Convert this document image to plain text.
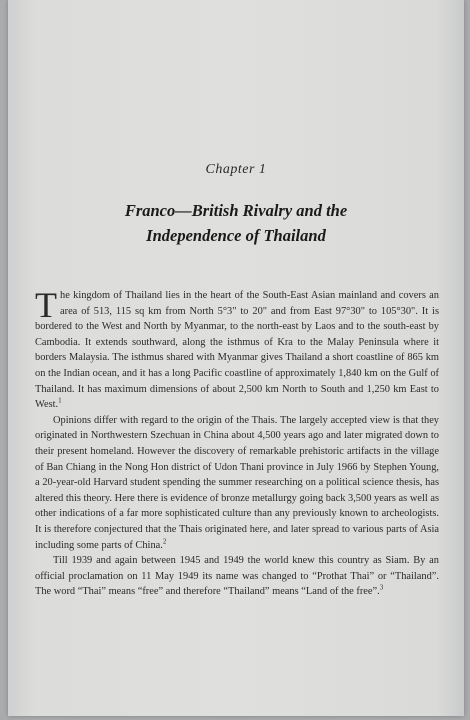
Chapter 1
Franco—British Rivalry and the
Independence of Thailand

The kingdom of Thailand lies in the heart of the South-East Asian mainland and covers an area of 513, 115 sq km from North 5°3" to 20" and from East 97°30" to 105°30". It is bordered to the West and North by Myanmar, to the north-east by Laos and to the south-east by Cambodia. It extends southward, along the isthmus of Kra to the Malay Peninsula where it borders Malaysia. The isthmus shared with Myanmar gives Thailand a short coastline of 865 km on the Indian ocean, and it has a long Pacific coastline of approximately 1,840 km on the Gulf of Thailand. It has maximum dimensions of about 2,500 km North to South and 1,250 km East to West.$^1$

Opinions differ with regard to the origin of the Thais. The largely accepted view is that they originated in Northwestern Szechuan in China about 4,500 years ago and later migrated down to their present homeland. However the discovery of remarkable prehistoric artifacts in the village of Ban Chiang in the Nong Hon district of Udon Thani province in July 1966 by Stephen Young, a 20-year-old Harvard student spending the summer researching on a political science thesis, has altered this theory. Here there is evidence of bronze metallurgy going back 3,500 years as well as other indications of a far more sophisticated culture than any previously known to archeologists. It is therefore conjectured that the Thais originated here, and later spread to various parts of Asia including some parts of China.$^2$

Till 1939 and again between 1945 and 1949 the world knew this country as Siam. By an official proclamation on 11 May 1949 its name was changed to “Prothat Thai” or “Thailand”. The word “Thai” means “free” and therefore “Thailand” means “Land of the free”.$^3$
